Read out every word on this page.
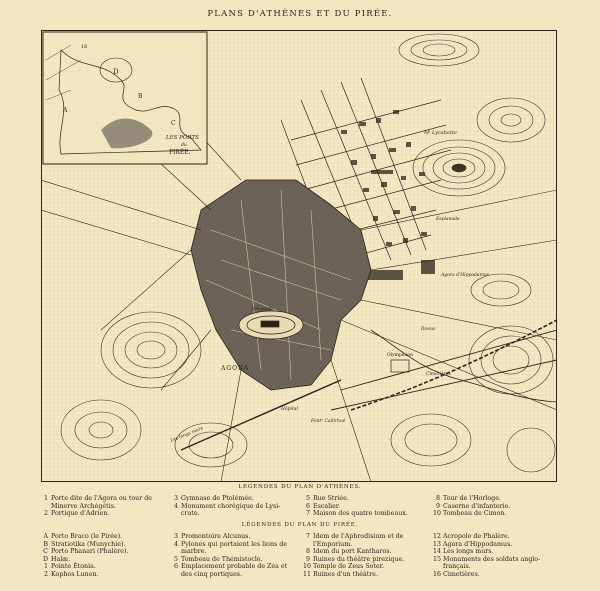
PLANS D'ATHÈNES ET DU PIRÉE.
D
A
B
C
16
LES PORTS
du
PIRÉE.
Mᵗ Lycabette
AGORA
Aréopage
Ilissus
Olympieion
Fontᵉ Callirhoé
Hôpital
Esplanade
Les longs murs
Cimetières
Agora d'Hippodamus
LÉGENDES DU PLAN D'ATHÈNES.
1 Porte dite de l'Agora ou tour de
Minerve Archégétis.
2 Portique d'Adrien.
3 Gymnase de Ptolémée.
4 Monument chorégique de Lysi-
crate.
5 Rue Striée.
6 Escalier.
7 Maison des quatre tombeaux.
8 Tour de l'Horloge.
9 Caserne d'infanterie.
10 Tombeau de Cimon.
LÉGENDES DU PLAN DU PIRÉE.
A Porto Braco (le Pirée).
B Stratiotika (Munychie).
C Porto Phanari (Phalère).
D Halæ.
1 Pointe Étonia.
2 Kophos Lunen.
3 Promontoire Alcunus.
4 Pylones qui portaient les lions de
marbre.
5 Tombeau de Thémistocle.
6 Emplacement probable de Zéa et
des cinq portiques.
7 Idem de l'Aphrodisium et de
l'Emporium.
8 Idem du port Kantharos.
9 Ruines du théâtre pirezique.
10 Temple de Zeus Soter.
11 Ruines d'un théâtre.
12 Acropole de Phalère.
13 Agora d'Hippodamus.
14 Les longs murs.
15 Monuments des soldats anglo-
français.
16 Cimetières.
